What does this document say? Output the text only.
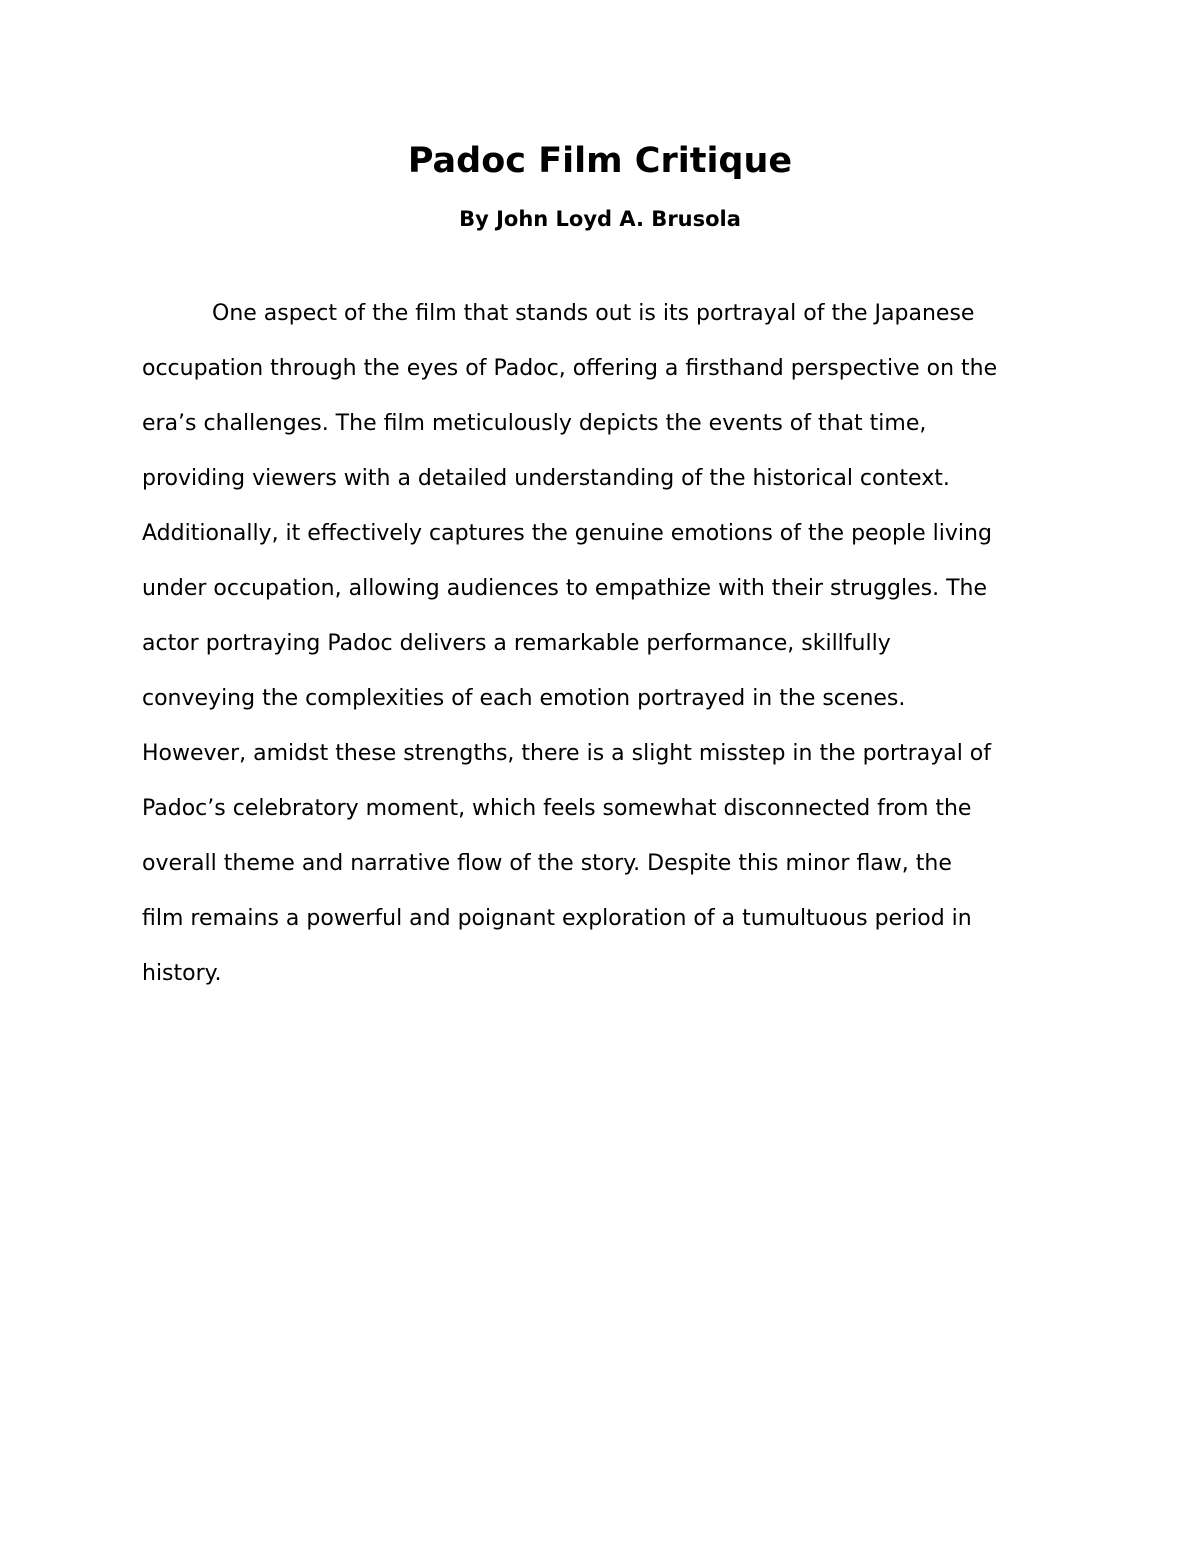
Padoc Film Critique
By John Loyd A. Brusola
One aspect of the film that stands out is its portrayal of the Japanese
occupation through the eyes of Padoc, offering a firsthand perspective on the
era’s challenges. The film meticulously depicts the events of that time,
providing viewers with a detailed understanding of the historical context.
Additionally, it effectively captures the genuine emotions of the people living
under occupation, allowing audiences to empathize with their struggles. The
actor portraying Padoc delivers a remarkable performance, skillfully
conveying the complexities of each emotion portrayed in the scenes.
However, amidst these strengths, there is a slight misstep in the portrayal of
Padoc’s celebratory moment, which feels somewhat disconnected from the
overall theme and narrative flow of the story. Despite this minor flaw, the
film remains a powerful and poignant exploration of a tumultuous period in
history.
